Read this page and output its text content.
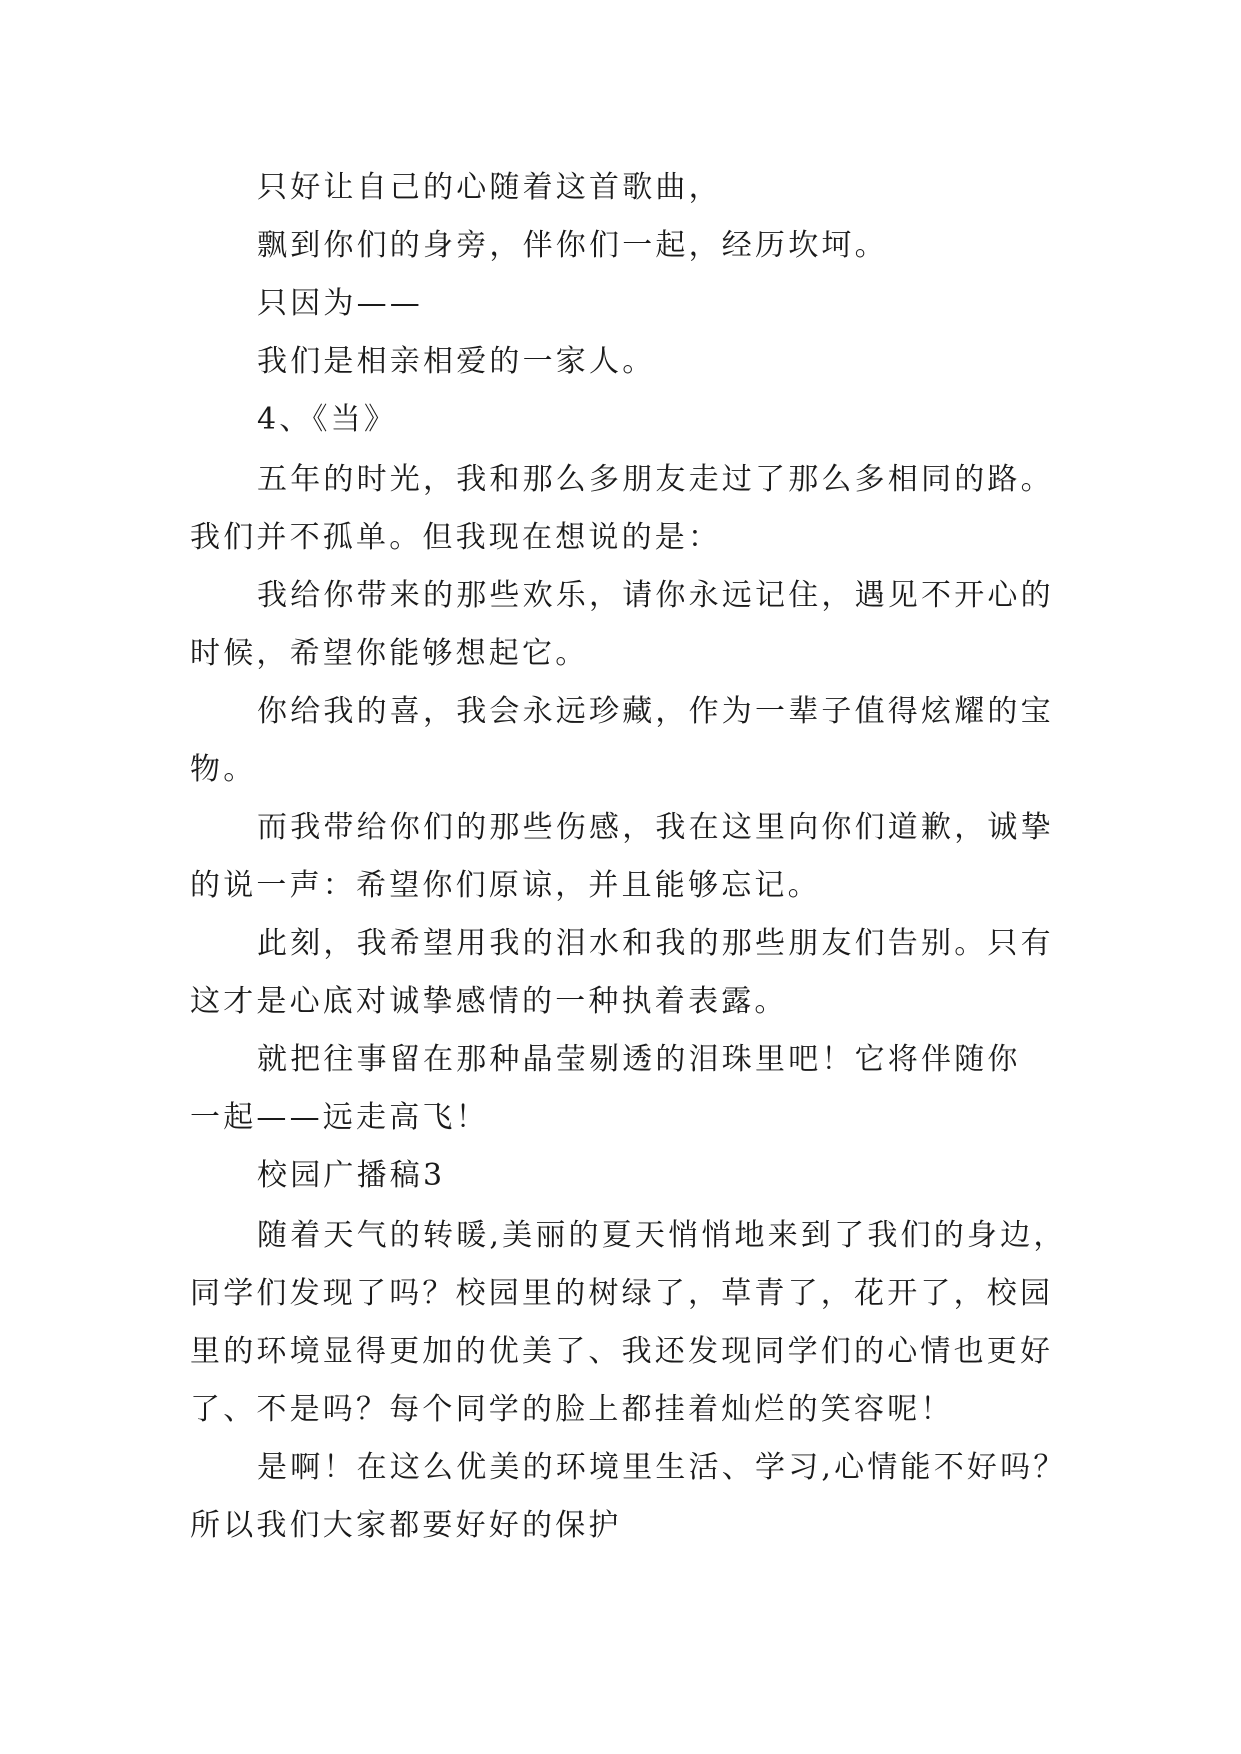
只好让自己的心随着这首歌曲，
飘到你们的身旁，伴你们一起，经历坎坷。
只因为——
我们是相亲相爱的一家人。
4、《当》
五年的时光，我和那么多朋友走过了那么多相同的路。
我们并不孤单。但我现在想说的是：
我给你带来的那些欢乐，请你永远记住，遇见不开心的
时候，希望你能够想起它。
你给我的喜，我会永远珍藏，作为一辈子值得炫耀的宝
物。
而我带给你们的那些伤感，我在这里向你们道歉，诚挚
的说一声：希望你们原谅，并且能够忘记。
此刻，我希望用我的泪水和我的那些朋友们告别。只有
这才是心底对诚挚感情的一种执着表露。
就把往事留在那种晶莹剔透的泪珠里吧！它将伴随你
一起——远走高飞！
校园广播稿3
随着天气的转暖,美丽的夏天悄悄地来到了我们的身边，
同学们发现了吗？校园里的树绿了，草青了，花开了，校园
里的环境显得更加的优美了、我还发现同学们的心情也更好
了、不是吗？每个同学的脸上都挂着灿烂的笑容呢！
是啊！在这么优美的环境里生活、学习,心情能不好吗？
所以我们大家都要好好的保护
